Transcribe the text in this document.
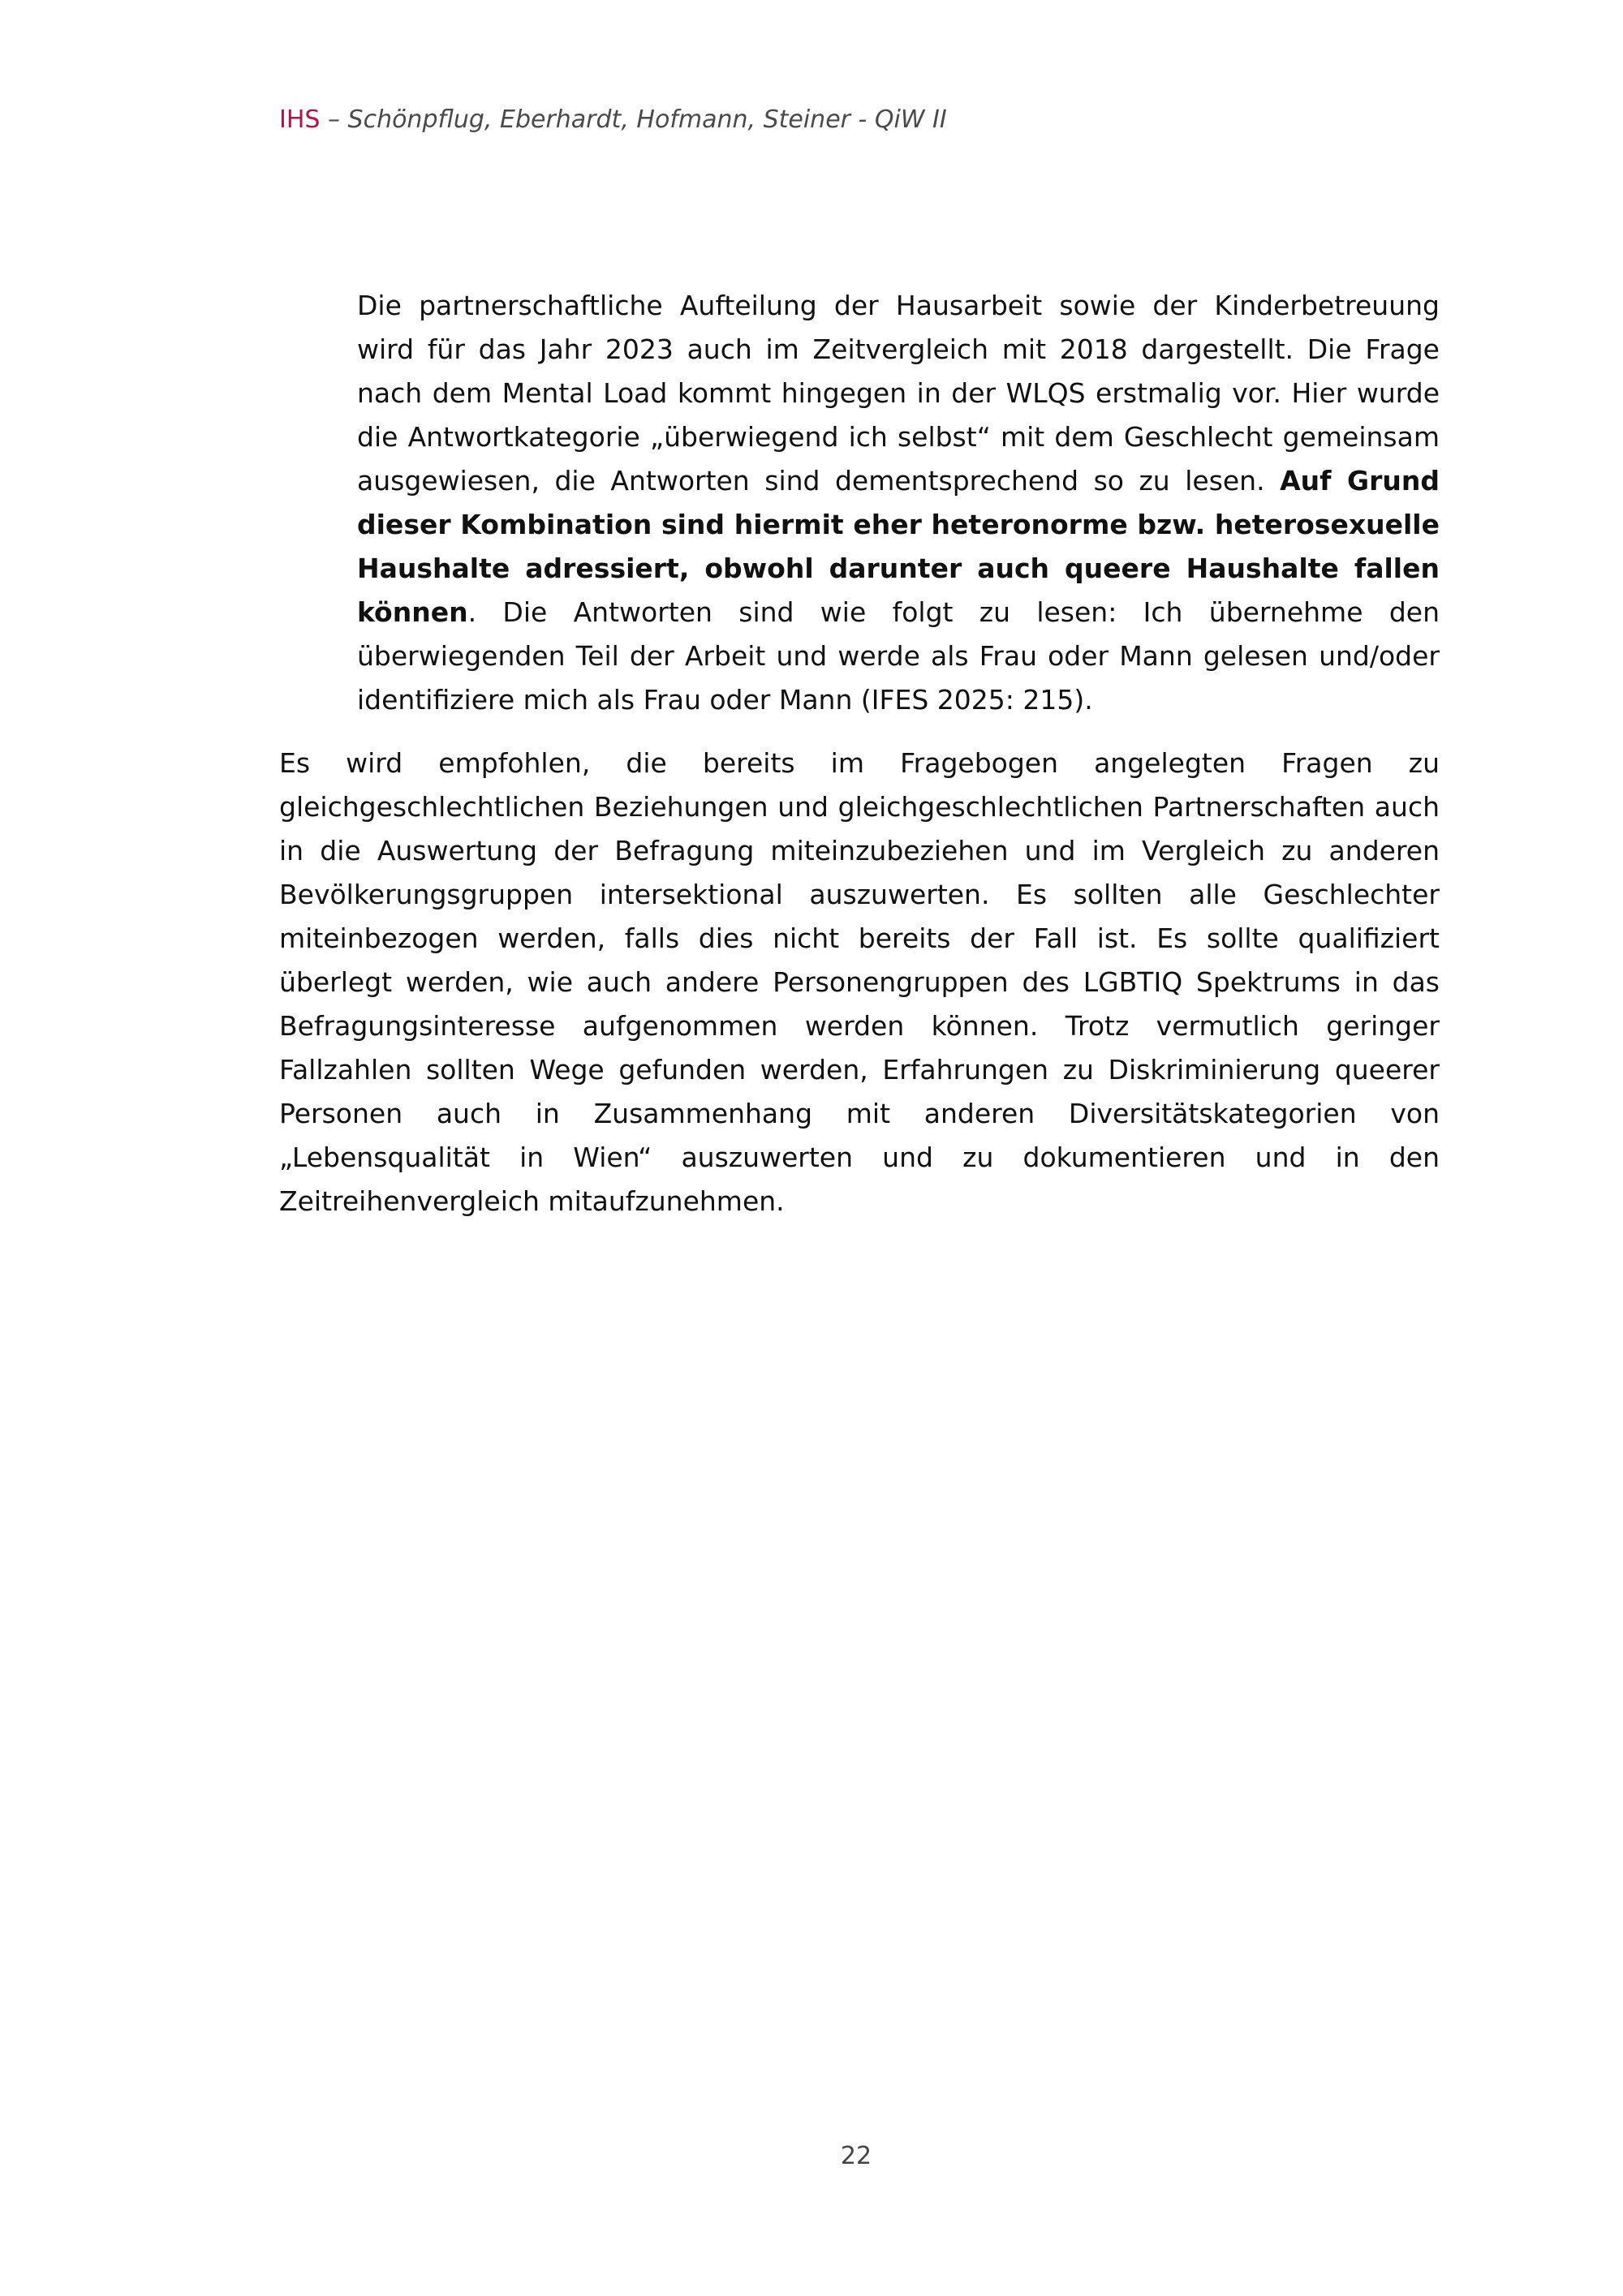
IHS – Schönpflug, Eberhardt, Hofmann, Steiner - QiW II
Die partnerschaftliche Aufteilung der Hausarbeit sowie der Kinderbetreuung wird für das Jahr 2023 auch im Zeitvergleich mit 2018 dargestellt. Die Frage nach dem Mental Load kommt hingegen in der WLQS erstmalig vor. Hier wurde die Antwortkategorie „überwiegend ich selbst“ mit dem Geschlecht gemeinsam ausgewiesen, die Antworten sind dementsprechend so zu lesen. Auf Grund dieser Kombination sind hiermit eher heteronorme bzw. heterosexuelle Haushalte adressiert, obwohl darunter auch queere Haushalte fallen können. Die Antworten sind wie folgt zu lesen: Ich übernehme den überwiegenden Teil der Arbeit und werde als Frau oder Mann gelesen und/oder identifiziere mich als Frau oder Mann (IFES 2025: 215).

Es wird empfohlen, die bereits im Fragebogen angelegten Fragen zu gleichgeschlechtlichen Beziehungen und gleichgeschlechtlichen Partnerschaften auch in die Auswertung der Befragung miteinzubeziehen und im Vergleich zu anderen Bevölkerungsgruppen intersektional auszuwerten. Es sollten alle Geschlechter miteinbezogen werden, falls dies nicht bereits der Fall ist. Es sollte qualifiziert überlegt werden, wie auch andere Personengruppen des LGBTIQ Spektrums in das Befragungsinteresse aufgenommen werden können. Trotz vermutlich geringer Fallzahlen sollten Wege gefunden werden, Erfahrungen zu Diskriminierung queerer Personen auch in Zusammenhang mit anderen Diversitätskategorien von „Lebensqualität in Wien“ auszuwerten und zu dokumentieren und in den Zeitreihenvergleich mitaufzunehmen.

22
